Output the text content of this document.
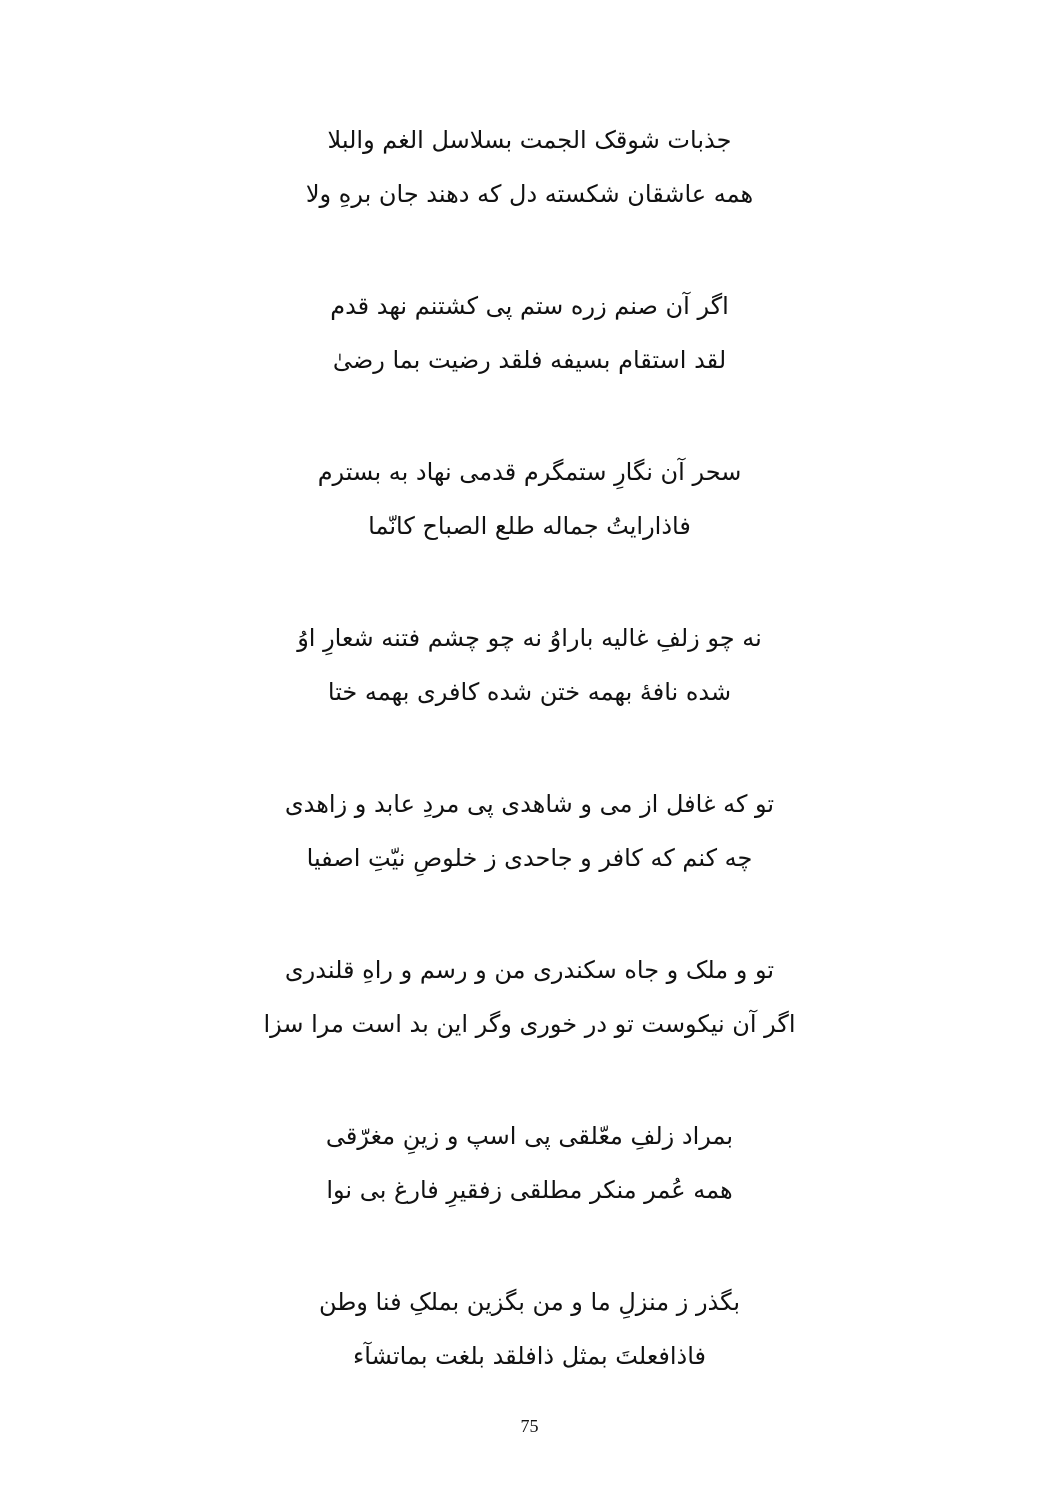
جذبات شوقک الجمت بسلاسل الغم والبلا
همه عاشقان شکسته دل که دهند جان برهِ ولا
اگر آن صنم زره ستم پی کشتنم نهد قدم
لقد استقام بسیفه فلقد رضیت بما رضیٰ
سحر آن نگارِ ستمگرم قدمی نهاد به بسترم
فاذارایتُ جماله طلع الصباح کانّما
نه چو زلفِ غالیه باراوُ نه چو چشم فتنه شعارِ اوُ
شده نافۀ بهمه ختن شده کافری بهمه ختا
تو که غافل از می و شاهدی پی مردِ عابد و زاهدی
چه کنم که کافر و جاحدی ز خلوصِ نیّتِ اصفیا
تو و ملک و جاه سکندری من و رسم و راهِ قلندری
اگر آن نیکوست تو در خوری وگر این بد است مرا سزا
بمراد زلفِ معّلقی پی اسپ و زینِ مغرّقی
همه عُمر منکر مطلقی زفقیرِ فارغ بی نوا
بگذر ز منزلِ ما و من بگزین بملکِ فنا وطن
فاذافعلتَ بمثل ذافلقد بلغت بماتشآء
75
